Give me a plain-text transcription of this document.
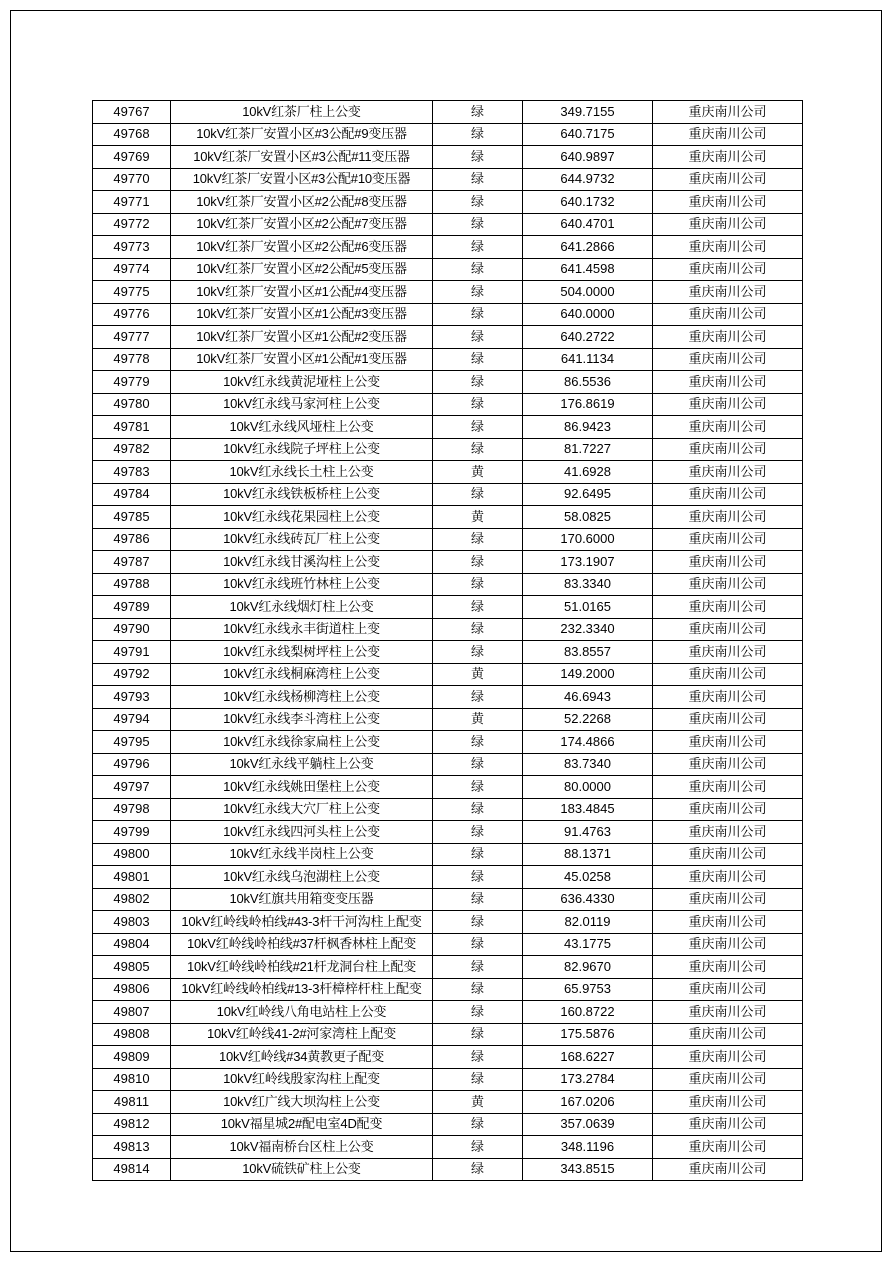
49767	10kV红茶厂柱上公变	绿	349.7155	重庆南川公司
49768	10kV红茶厂安置小区#3公配#9变压器	绿	640.7175	重庆南川公司
49769	10kV红茶厂安置小区#3公配#11变压器	绿	640.9897	重庆南川公司
49770	10kV红茶厂安置小区#3公配#10变压器	绿	644.9732	重庆南川公司
49771	10kV红茶厂安置小区#2公配#8变压器	绿	640.1732	重庆南川公司
49772	10kV红茶厂安置小区#2公配#7变压器	绿	640.4701	重庆南川公司
49773	10kV红茶厂安置小区#2公配#6变压器	绿	641.2866	重庆南川公司
49774	10kV红茶厂安置小区#2公配#5变压器	绿	641.4598	重庆南川公司
49775	10kV红茶厂安置小区#1公配#4变压器	绿	504.0000	重庆南川公司
49776	10kV红茶厂安置小区#1公配#3变压器	绿	640.0000	重庆南川公司
49777	10kV红茶厂安置小区#1公配#2变压器	绿	640.2722	重庆南川公司
49778	10kV红茶厂安置小区#1公配#1变压器	绿	641.1134	重庆南川公司
49779	10kV红永线黄泥垭柱上公变	绿	86.5536	重庆南川公司
49780	10kV红永线马家河柱上公变	绿	176.8619	重庆南川公司
49781	10kV红永线风垭柱上公变	绿	86.9423	重庆南川公司
49782	10kV红永线院子坪柱上公变	绿	81.7227	重庆南川公司
49783	10kV红永线长土柱上公变	黄	41.6928	重庆南川公司
49784	10kV红永线铁板桥柱上公变	绿	92.6495	重庆南川公司
49785	10kV红永线花果园柱上公变	黄	58.0825	重庆南川公司
49786	10kV红永线砖瓦厂柱上公变	绿	170.6000	重庆南川公司
49787	10kV红永线甘溪沟柱上公变	绿	173.1907	重庆南川公司
49788	10kV红永线班竹林柱上公变	绿	83.3340	重庆南川公司
49789	10kV红永线烟灯柱上公变	绿	51.0165	重庆南川公司
49790	10kV红永线永丰街道柱上变	绿	232.3340	重庆南川公司
49791	10kV红永线梨树坪柱上公变	绿	83.8557	重庆南川公司
49792	10kV红永线桐麻湾柱上公变	黄	149.2000	重庆南川公司
49793	10kV红永线杨柳湾柱上公变	绿	46.6943	重庆南川公司
49794	10kV红永线李斗湾柱上公变	黄	52.2268	重庆南川公司
49795	10kV红永线徐家扁柱上公变	绿	174.4866	重庆南川公司
49796	10kV红永线平躺柱上公变	绿	83.7340	重庆南川公司
49797	10kV红永线姚田堡柱上公变	绿	80.0000	重庆南川公司
49798	10kV红永线大穴厂柱上公变	绿	183.4845	重庆南川公司
49799	10kV红永线四河头柱上公变	绿	91.4763	重庆南川公司
49800	10kV红永线半岗柱上公变	绿	88.1371	重庆南川公司
49801	10kV红永线乌泡湖柱上公变	绿	45.0258	重庆南川公司
49802	10kV红旗共用箱变变压器	绿	636.4330	重庆南川公司
49803	10kV红岭线岭柏线#43-3杆干河沟柱上配变	绿	82.0119	重庆南川公司
49804	10kV红岭线岭柏线#37杆枫香林柱上配变	绿	43.1775	重庆南川公司
49805	10kV红岭线岭柏线#21杆龙洞台柱上配变	绿	82.9670	重庆南川公司
49806	10kV红岭线岭柏线#13-3杆樟梓杆柱上配变	绿	65.9753	重庆南川公司
49807	10kV红岭线八角电站柱上公变	绿	160.8722	重庆南川公司
49808	10kV红岭线41-2#河家湾柱上配变	绿	175.5876	重庆南川公司
49809	10kV红岭线#34黄教更子配变	绿	168.6227	重庆南川公司
49810	10kV红岭线殷家沟柱上配变	绿	173.2784	重庆南川公司
49811	10kV红广线大坝沟柱上公变	黄	167.0206	重庆南川公司
49812	10kV福星城2#配电室4D配变	绿	357.0639	重庆南川公司
49813	10kV福南桥台区柱上公变	绿	348.1196	重庆南川公司
49814	10kV硫铁矿柱上公变	绿	343.8515	重庆南川公司
